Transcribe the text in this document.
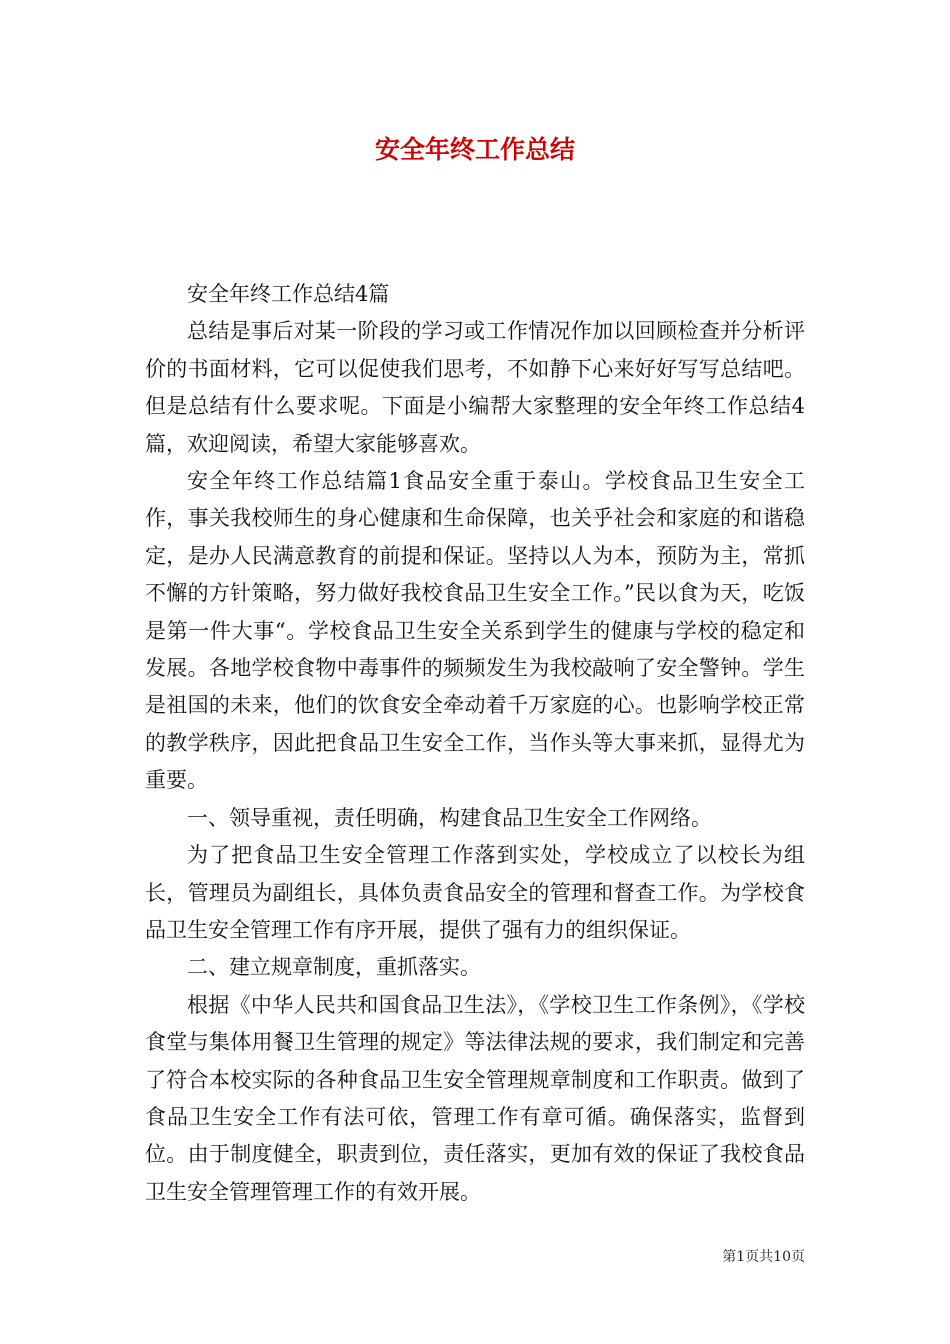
安全年终工作总结

安全年终工作总结4篇

总结是事后对某一阶段的学习或工作情况作加以回顾检查并分析评价的书面材料，它可以促使我们思考，不如静下心来好好写写总结吧。但是总结有什么要求呢。下面是小编帮大家整理的安全年终工作总结4篇，欢迎阅读，希望大家能够喜欢。

安全年终工作总结篇1食品安全重于泰山。学校食品卫生安全工作，事关我校师生的身心健康和生命保障，也关乎社会和家庭的和谐稳定，是办人民满意教育的前提和保证。坚持以人为本，预防为主，常抓不懈的方针策略，努力做好我校食品卫生安全工作。”民以食为天，吃饭是第一件大事“。学校食品卫生安全关系到学生的健康与学校的稳定和发展。各地学校食物中毒事件的频频发生为我校敲响了安全警钟。学生是祖国的未来，他们的饮食安全牵动着千万家庭的心。也影响学校正常的教学秩序，因此把食品卫生安全工作，当作头等大事来抓，显得尤为重要。

一、领导重视，责任明确，构建食品卫生安全工作网络。

为了把食品卫生安全管理工作落到实处，学校成立了以校长为组长，管理员为副组长，具体负责食品安全的管理和督查工作。为学校食品卫生安全管理工作有序开展，提供了强有力的组织保证。

二、建立规章制度，重抓落实。

根据《中华人民共和国食品卫生法》，《学校卫生工作条例》，《学校食堂与集体用餐卫生管理的规定》等法律法规的要求，我们制定和完善了符合本校实际的各种食品卫生安全管理规章制度和工作职责。做到了食品卫生安全工作有法可依，管理工作有章可循。确保落实，监督到位。由于制度健全，职责到位，责任落实，更加有效的保证了我校食品卫生安全管理管理工作的有效开展。

第1页共10页
